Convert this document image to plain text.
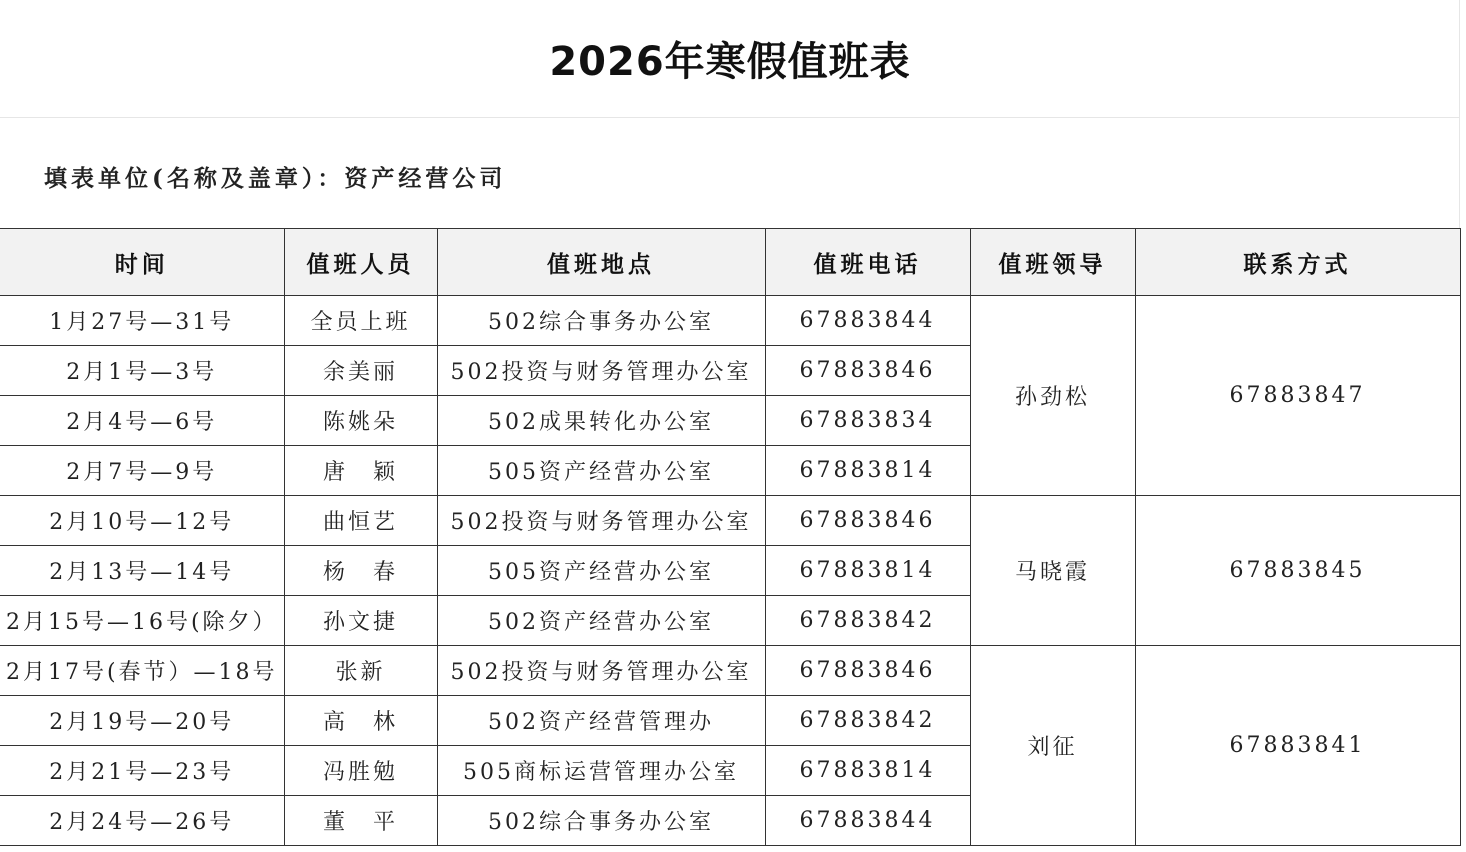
2026年寒假值班表
填表单位(名称及盖章）：资产经营公司
时间	值班人员	值班地点	值班电话	值班领导	联系方式
1月27号—31号	全员上班	502综合事务办公室	67883844	孙劲松	67883847
2月1号—3号	余美丽	502投资与财务管理办公室	67883846		
2月4号—6号	陈姚朵	502成果转化办公室	67883834		
2月7号—9号	唐　颖	505资产经营办公室	67883814		
2月10号—12号	曲恒艺	502投资与财务管理办公室	67883846	马晓霞	67883845
2月13号—14号	杨　春	505资产经营办公室	67883814		
2月15号—16号(除夕）	孙文捷	502资产经营办公室	67883842		
2月17号(春节）—18号	张新	502投资与财务管理办公室	67883846	刘征	67883841
2月19号—20号	高　林	502资产经营管理办	67883842		
2月21号—23号	冯胜勉	505商标运营管理办公室	67883814		
2月24号—26号	董　平	502综合事务办公室	67883844		
